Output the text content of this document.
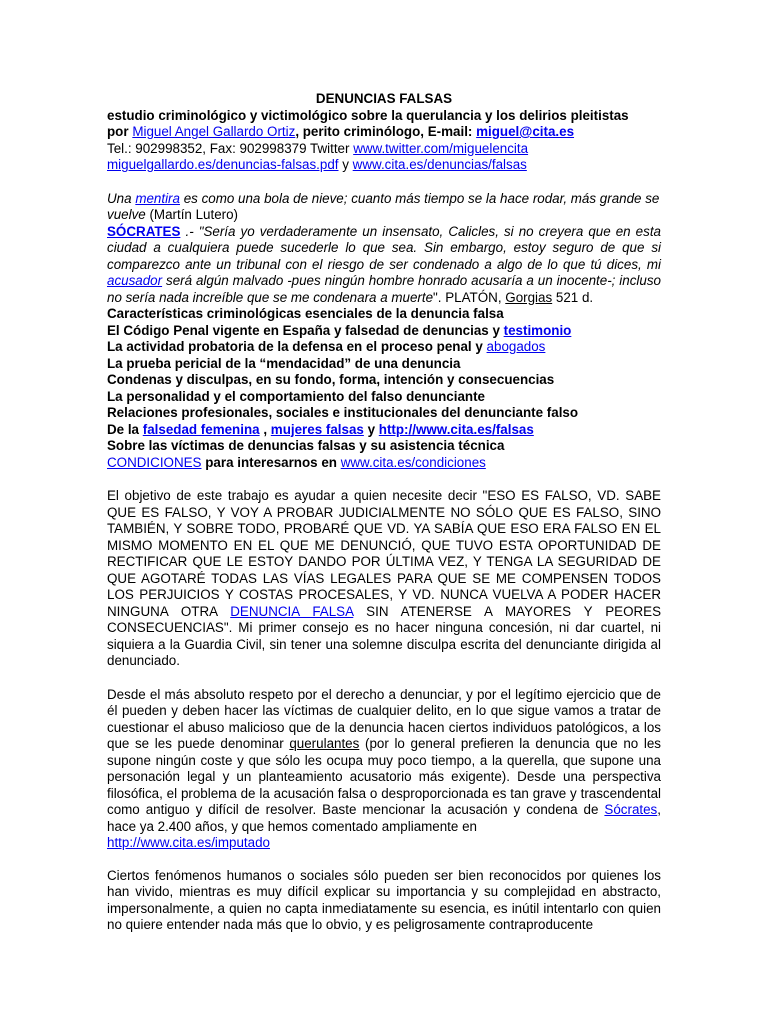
DENUNCIAS FALSAS

estudio criminológico y victimológico sobre la querulancia y los delirios pleitistas

por Miguel Angel Gallardo Ortiz, perito criminólogo, E-mail: miguel@cita.es

Tel.: 902998352, Fax: 902998379 Twitter www.twitter.com/miguelencita

miguelgallardo.es/denuncias-falsas.pdf y www.cita.es/denuncias/falsas

Una mentira es como una bola de nieve; cuanto más tiempo se la hace rodar, más grande se vuelve (Martín Lutero)

SÓCRATES .- "Sería yo verdaderamente un insensato, Calicles, si no creyera que en esta ciudad a cualquiera puede sucederle lo que sea. Sin embargo, estoy seguro de que si comparezco ante un tribunal con el riesgo de ser condenado a algo de lo que tú dices, mi acusador será algún malvado -pues ningún hombre honrado acusaría a un inocente-; incluso no sería nada increíble que se me condenara a muerte". PLATÓN, Gorgias 521 d.

Características criminológicas esenciales de la denuncia falsa

El Código Penal vigente en España y falsedad de denuncias y testimonio

La actividad probatoria de la defensa en el proceso penal y abogados

La prueba pericial de la “mendacidad” de una denuncia

Condenas y disculpas, en su fondo, forma, intención y consecuencias

La personalidad y el comportamiento del falso denunciante

Relaciones profesionales, sociales e institucionales del denunciante falso

De la falsedad femenina , mujeres falsas y http://www.cita.es/falsas

Sobre las víctimas de denuncias falsas y su asistencia técnica

CONDICIONES para interesarnos en www.cita.es/condiciones

El objetivo de este trabajo es ayudar a quien necesite decir "ESO ES FALSO, VD. SABE QUE ES FALSO, Y VOY A PROBAR JUDICIALMENTE NO SÓLO QUE ES FALSO, SINO TAMBIÉN, Y SOBRE TODO, PROBARÉ QUE VD. YA SABÍA QUE ESO ERA FALSO EN EL MISMO MOMENTO EN EL QUE ME DENUNCIÓ, QUE TUVO ESTA OPORTUNIDAD DE RECTIFICAR QUE LE ESTOY DANDO POR ÚLTIMA VEZ, Y TENGA LA SEGURIDAD DE QUE AGOTARÉ TODAS LAS VÍAS LEGALES PARA QUE SE ME COMPENSEN TODOS LOS PERJUICIOS Y COSTAS PROCESALES, Y VD. NUNCA VUELVA A PODER HACER NINGUNA OTRA DENUNCIA FALSA SIN ATENERSE A MAYORES Y PEORES CONSECUENCIAS". Mi primer consejo es no hacer ninguna concesión, ni dar cuartel, ni siquiera a la Guardia Civil, sin tener una solemne disculpa escrita del denunciante dirigida al denunciado.

Desde el más absoluto respeto por el derecho a denunciar, y por el legítimo ejercicio que de él pueden y deben hacer las víctimas de cualquier delito, en lo que sigue vamos a tratar de cuestionar el abuso malicioso que de la denuncia hacen ciertos individuos patológicos, a los que se les puede denominar querulantes (por lo general prefieren la denuncia que no les supone ningún coste y que sólo les ocupa muy poco tiempo, a la querella, que supone una personación legal y un planteamiento acusatorio más exigente). Desde una perspectiva filosófica, el problema de la acusación falsa o desproporcionada es tan grave y trascendental como antiguo y difícil de resolver. Baste mencionar la acusación y condena de Sócrates, hace ya 2.400 años, y que hemos comentado ampliamente en
http://www.cita.es/imputado

Ciertos fenómenos humanos o sociales sólo pueden ser bien reconocidos por quienes los han vivido, mientras es muy difícil explicar su importancia y su complejidad en abstracto, impersonalmente, a quien no capta inmediatamente su esencia, es inútil intentarlo con quien no quiere entender nada más que lo obvio, y es peligrosamente contraproducente
